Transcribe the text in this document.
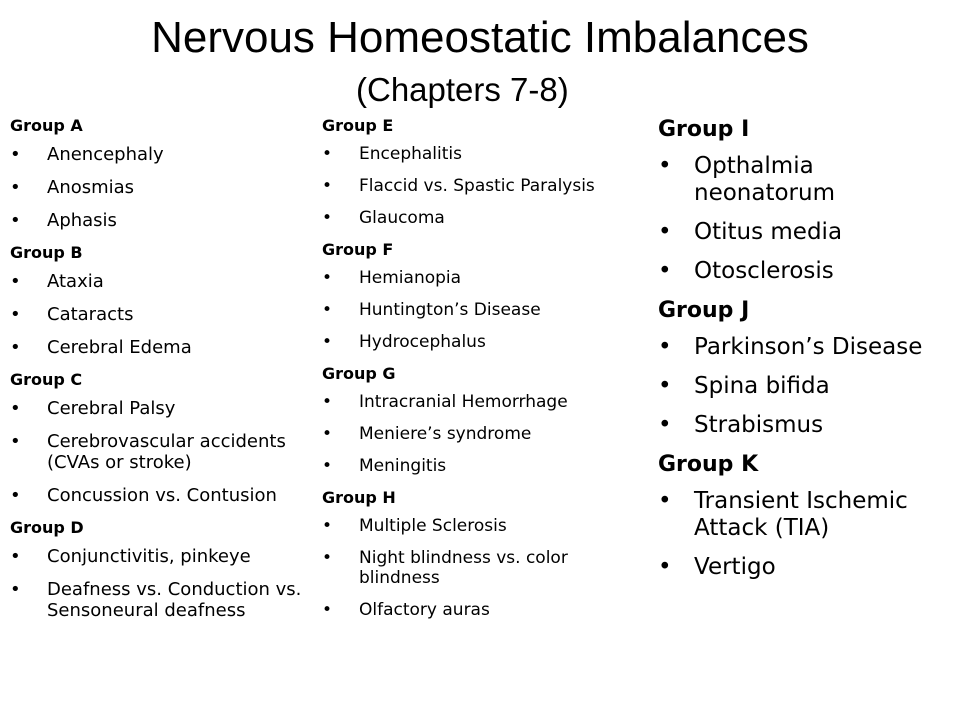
Nervous Homeostatic Imbalances
(Chapters 7-8)
Group A
• Anencephaly
• Anosmias
• Aphasis
Group B
• Ataxia
• Cataracts
• Cerebral Edema
Group C
• Cerebral Palsy
• Cerebrovascular accidents (CVAs or stroke)
• Concussion vs. Contusion
Group D
• Conjunctivitis, pinkeye
• Deafness vs. Conduction vs. Sensoneural deafness
Group E
• Encephalitis
• Flaccid vs. Spastic Paralysis
• Glaucoma
Group F
• Hemianopia
• Huntington’s Disease
• Hydrocephalus
Group G
• Intracranial Hemorrhage
• Meniere’s syndrome
• Meningitis
Group H
• Multiple Sclerosis
• Night blindness vs. color blindness
• Olfactory auras
Group I
• Opthalmia neonatorum
• Otitus media
• Otosclerosis
Group J
• Parkinson’s Disease
• Spina bifida
• Strabismus
Group K
• Transient Ischemic Attack (TIA)
• Vertigo
